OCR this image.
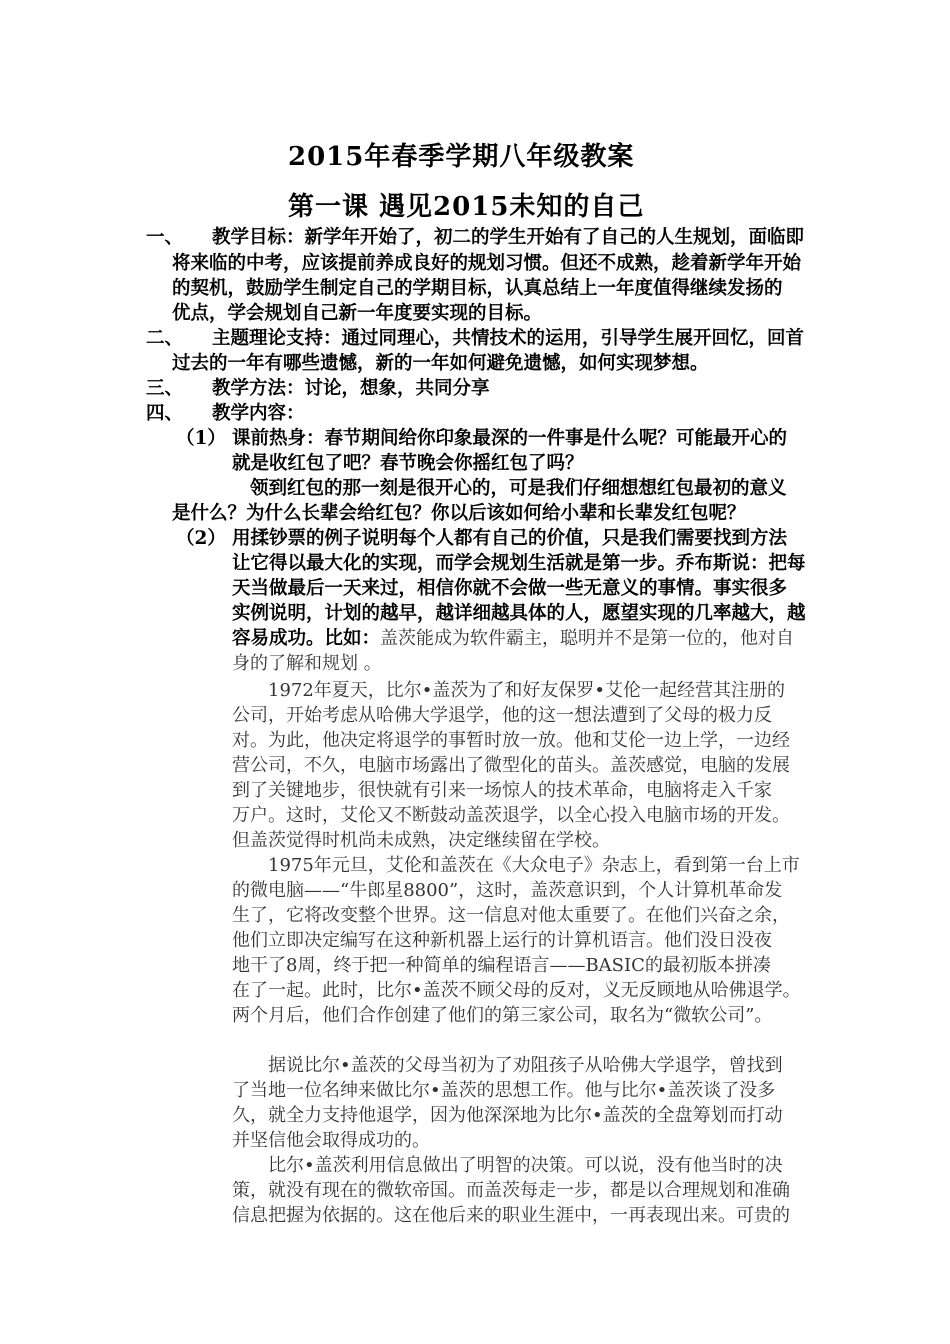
2015年春季学期八年级教案
第一课 遇见2015未知的自己
一、 教学目标：新学年开始了，初二的学生开始有了自己的人生规划，面临即
将来临的中考，应该提前养成良好的规划习惯。但还不成熟，趁着新学年开始
的契机，鼓励学生制定自己的学期目标，认真总结上一年度值得继续发扬的
优点，学会规划自己新一年度要实现的目标。
二、 主题理论支持：通过同理心，共情技术的运用，引导学生展开回忆，回首
过去的一年有哪些遗憾，新的一年如何避免遗憾，如何实现梦想。
三、 教学方法：讨论，想象，共同分享
四、 教学内容：
（1） 课前热身：春节期间给你印象最深的一件事是什么呢？可能最开心的
就是收红包了吧？春节晚会你摇红包了吗？
领到红包的那一刻是很开心的，可是我们仔细想想红包最初的意义
是什么？为什么长辈会给红包？你以后该如何给小辈和长辈发红包呢？
（2） 用揉钞票的例子说明每个人都有自己的价值，只是我们需要找到方法
让它得以最大化的实现，而学会规划生活就是第一步。乔布斯说：把每
天当做最后一天来过，相信你就不会做一些无意义的事情。事实很多
实例说明，计划的越早，越详细越具体的人，愿望实现的几率越大，越
容易成功。比如：盖茨能成为软件霸主，聪明并不是第一位的，他对自
身的了解和规划 。
1972年夏天，比尔•盖茨为了和好友保罗•艾伦一起经营其注册的
公司，开始考虑从哈佛大学退学，他的这一想法遭到了父母的极力反
对。为此，他决定将退学的事暂时放一放。他和艾伦一边上学，一边经
营公司，不久，电脑市场露出了微型化的苗头。盖茨感觉，电脑的发展
到了关键地步，很快就有引来一场惊人的技术革命，电脑将走入千家
万户。这时，艾伦又不断鼓动盖茨退学，以全心投入电脑市场的开发。
但盖茨觉得时机尚未成熟，决定继续留在学校。
1975年元旦，艾伦和盖茨在《大众电子》杂志上，看到第一台上市
的微电脑——“牛郎星8800”，这时，盖茨意识到，个人计算机革命发
生了，它将改变整个世界。这一信息对他太重要了。在他们兴奋之余，
他们立即决定编写在这种新机器上运行的计算机语言。他们没日没夜
地干了8周，终于把一种简单的编程语言——BASIC的最初版本拼凑
在了一起。此时，比尔•盖茨不顾父母的反对，义无反顾地从哈佛退学。
两个月后，他们合作创建了他们的第三家公司，取名为“微软公司”。
据说比尔•盖茨的父母当初为了劝阻孩子从哈佛大学退学，曾找到
了当地一位名绅来做比尔•盖茨的思想工作。他与比尔•盖茨谈了没多
久，就全力支持他退学，因为他深深地为比尔•盖茨的全盘筹划而打动
并坚信他会取得成功的。
比尔•盖茨利用信息做出了明智的决策。可以说，没有他当时的决
策，就没有现在的微软帝国。而盖茨每走一步，都是以合理规划和准确
信息把握为依据的。这在他后来的职业生涯中，一再表现出来。可贵的
